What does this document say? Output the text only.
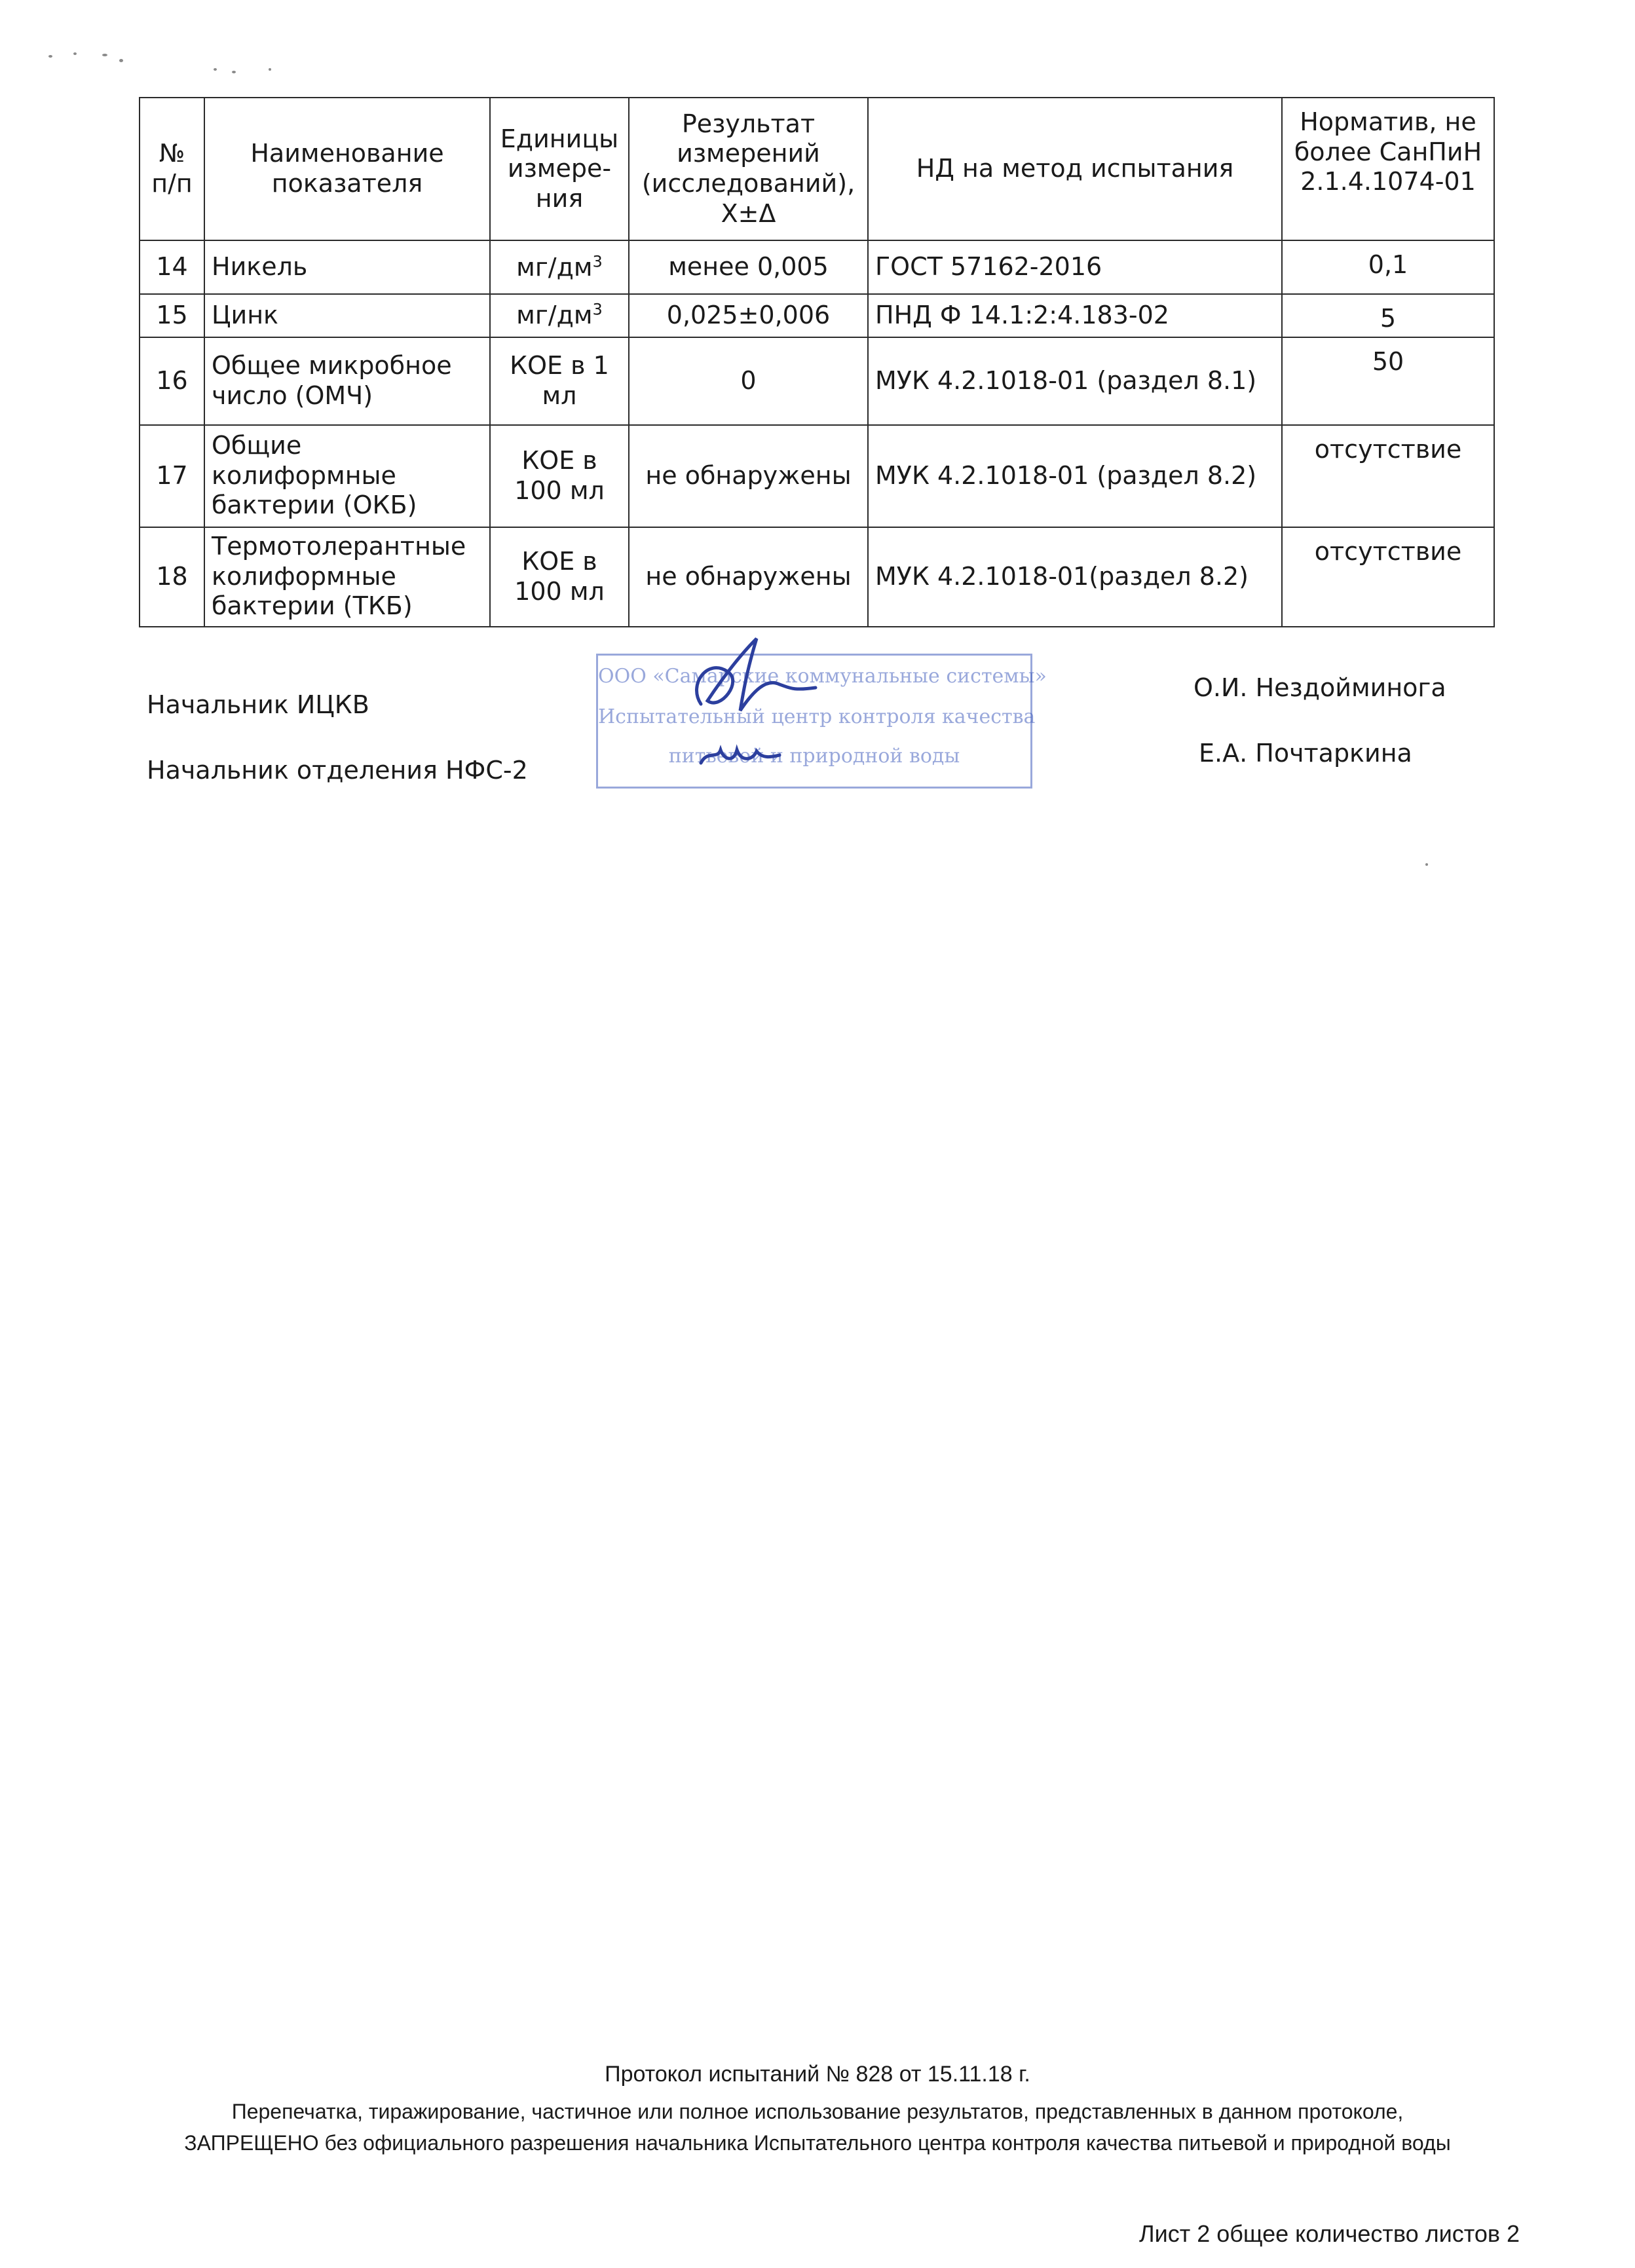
№ п/п	Наименование показателя	Единицы измере-ния	Результат измерений (исследований), Х±Δ	НД на метод испытания	Норматив, не более СанПиН 2.1.4.1074-01
14	Никель	$мг/дм^3$	менее 0,005	ГОСТ 57162-2016	0,1
15	Цинк	$мг/дм^3$	0,025±0,006	ПНД Ф 14.1:2:4.183-02	5
16	Общее микробное число (ОМЧ)	КОЕ в 1 мл	0	МУК 4.2.1018-01 (раздел 8.1)	50
17	Общие колиформные бактерии (ОКБ)	КОЕ в 100 мл	не обнаружены	МУК 4.2.1018-01 (раздел 8.2)	отсутствие
18	Термотолерантные колиформные бактерии (ТКБ)	КОЕ в 100 мл	не обнаружены	МУК 4.2.1018-01(раздел 8.2)	отсутствие
Начальник ИЦКВ
О.И. Нездойминога
Начальник отделения НФС-2
Е.А. Почтаркина
ООО «Самарские коммунальные системы»
Испытательный центр контроля качества
питьевой и природной воды
Протокол испытаний № 828 от 15.11.18 г.
Перепечатка, тиражирование, частичное или полное использование результатов, представленных в данном протоколе,
ЗАПРЕЩЕНО без официального разрешения начальника Испытательного центра контроля качества питьевой и природной воды
Лист 2 общее количество листов 2
